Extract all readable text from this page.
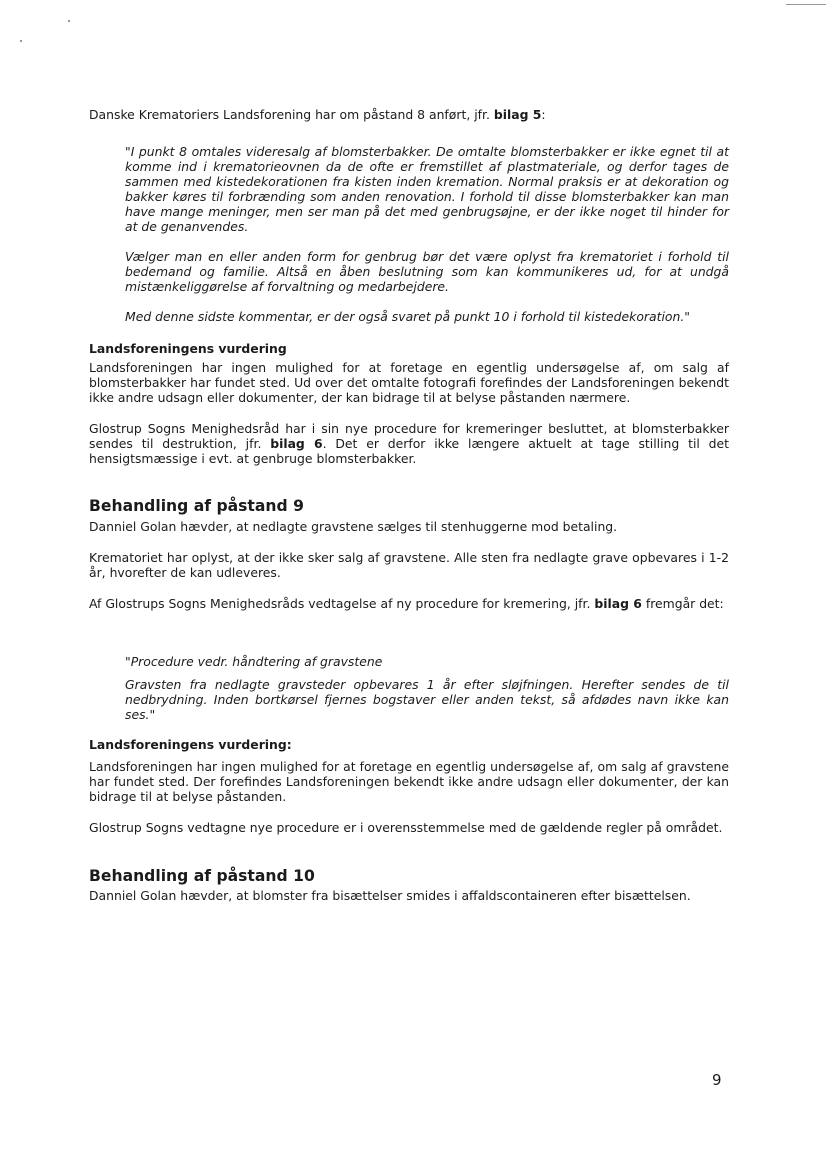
Danske Krematoriers Landsforening har om påstand 8 anført, jfr. bilag 5:

"I punkt 8 omtales videresalg af blomsterbakker. De omtalte blomsterbakker er ikke egnet til at komme ind i krematorieovnen da de ofte er fremstillet af plastmateriale, og derfor tages de sammen med kistedekorationen fra kisten inden kremation. Normal praksis er at dekoration og bakker køres til forbrænding som anden renovation. I forhold til disse blomsterbakker kan man have mange meninger, men ser man på det med genbrugsøjne, er der ikke noget til hinder for at de genanvendes.

Vælger man en eller anden form for genbrug bør det være oplyst fra krematoriet i forhold til bedemand og familie. Altså en åben beslutning som kan kommunikeres ud, for at undgå mistænkeliggørelse af forvaltning og medarbejdere.

Med denne sidste kommentar, er der også svaret på punkt 10 i forhold til kistedekoration."

Landsforeningens vurdering

Landsforeningen har ingen mulighed for at foretage en egentlig undersøgelse af, om salg af blomsterbakker har fundet sted. Ud over det omtalte fotografi forefindes der Landsforeningen bekendt ikke andre udsagn eller dokumenter, der kan bidrage til at belyse påstanden nærmere.

Glostrup Sogns Menighedsråd har i sin nye procedure for kremeringer besluttet, at blomsterbakker sendes til destruktion, jfr. bilag 6. Det er derfor ikke længere aktuelt at tage stilling til det hensigtsmæssige i evt. at genbruge blomsterbakker.

Behandling af påstand 9

Danniel Golan hævder, at nedlagte gravstene sælges til stenhuggerne mod betaling.

Krematoriet har oplyst, at der ikke sker salg af gravstene. Alle sten fra nedlagte grave opbevares i 1-2 år, hvorefter de kan udleveres.

Af Glostrups Sogns Menighedsråds vedtagelse af ny procedure for kremering, jfr. bilag 6 fremgår det:

"Procedure vedr. håndtering af gravstene

Gravsten fra nedlagte gravsteder opbevares 1 år efter sløjfningen. Herefter sendes de til nedbrydning. Inden bortkørsel fjernes bogstaver eller anden tekst, så afdødes navn ikke kan ses."

Landsforeningens vurdering:

Landsforeningen har ingen mulighed for at foretage en egentlig undersøgelse af, om salg af gravstene har fundet sted. Der forefindes Landsforeningen bekendt ikke andre udsagn eller dokumenter, der kan bidrage til at belyse påstanden.

Glostrup Sogns vedtagne nye procedure er i overensstemmelse med de gældende regler på området.

Behandling af påstand 10

Danniel Golan hævder, at blomster fra bisættelser smides i affaldscontaineren efter bisættelsen.

9
